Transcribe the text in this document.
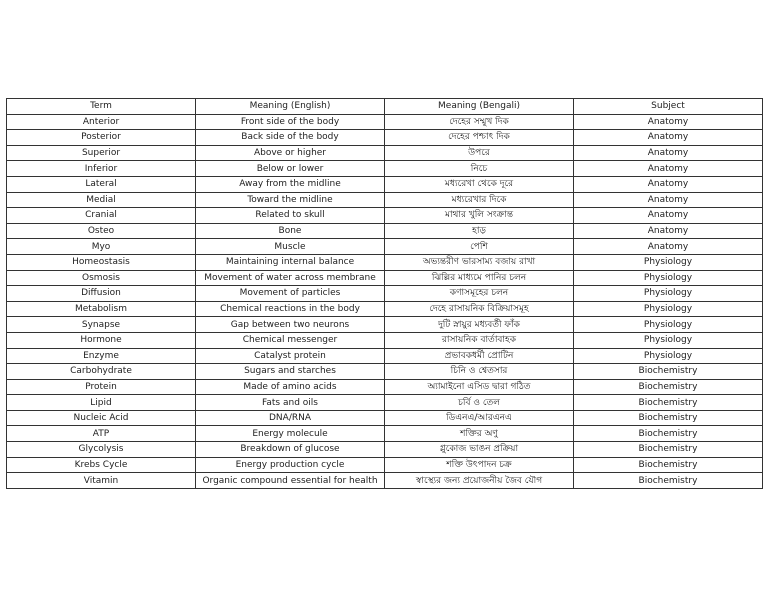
Term	Meaning (English)	Meaning (Bengali)	Subject
Anterior	Front side of the body	দেহের সম্মুখ দিক	Anatomy
Posterior	Back side of the body	দেহের পশ্চাৎ দিক	Anatomy
Superior	Above or higher	উপরে	Anatomy
Inferior	Below or lower	নিচে	Anatomy
Lateral	Away from the midline	মধ্যরেখা থেকে দূরে	Anatomy
Medial	Toward the midline	মধ্যরেখার দিকে	Anatomy
Cranial	Related to skull	মাথার খুলি সংক্রান্ত	Anatomy
Osteo	Bone	হাড়	Anatomy
Myo	Muscle	পেশি	Anatomy
Homeostasis	Maintaining internal balance	অভ্যন্তরীণ ভারসাম্য বজায় রাখা	Physiology
Osmosis	Movement of water across membrane	ঝিল্লির মাধ্যমে পানির চলন	Physiology
Diffusion	Movement of particles	কণাসমূহের চলন	Physiology
Metabolism	Chemical reactions in the body	দেহে রাসায়নিক বিক্রিয়াসমূহ	Physiology
Synapse	Gap between two neurons	দুটি স্নায়ুর মধ্যবর্তী ফাঁক	Physiology
Hormone	Chemical messenger	রাসায়নিক বার্তাবাহক	Physiology
Enzyme	Catalyst protein	প্রভাবকধর্মী প্রোটিন	Physiology
Carbohydrate	Sugars and starches	চিনি ও শ্বেতসার	Biochemistry
Protein	Made of amino acids	অ্যামাইনো এসিড দ্বারা গঠিত	Biochemistry
Lipid	Fats and oils	চর্বি ও তেল	Biochemistry
Nucleic Acid	DNA/RNA	ডিএনএ/আরএনএ	Biochemistry
ATP	Energy molecule	শক্তির অণু	Biochemistry
Glycolysis	Breakdown of glucose	গ্লুকোজ ভাঙন প্রক্রিয়া	Biochemistry
Krebs Cycle	Energy production cycle	শক্তি উৎপাদন চক্র	Biochemistry
Vitamin	Organic compound essential for health	স্বাস্থ্যের জন্য প্রয়োজনীয় জৈব যৌগ	Biochemistry
